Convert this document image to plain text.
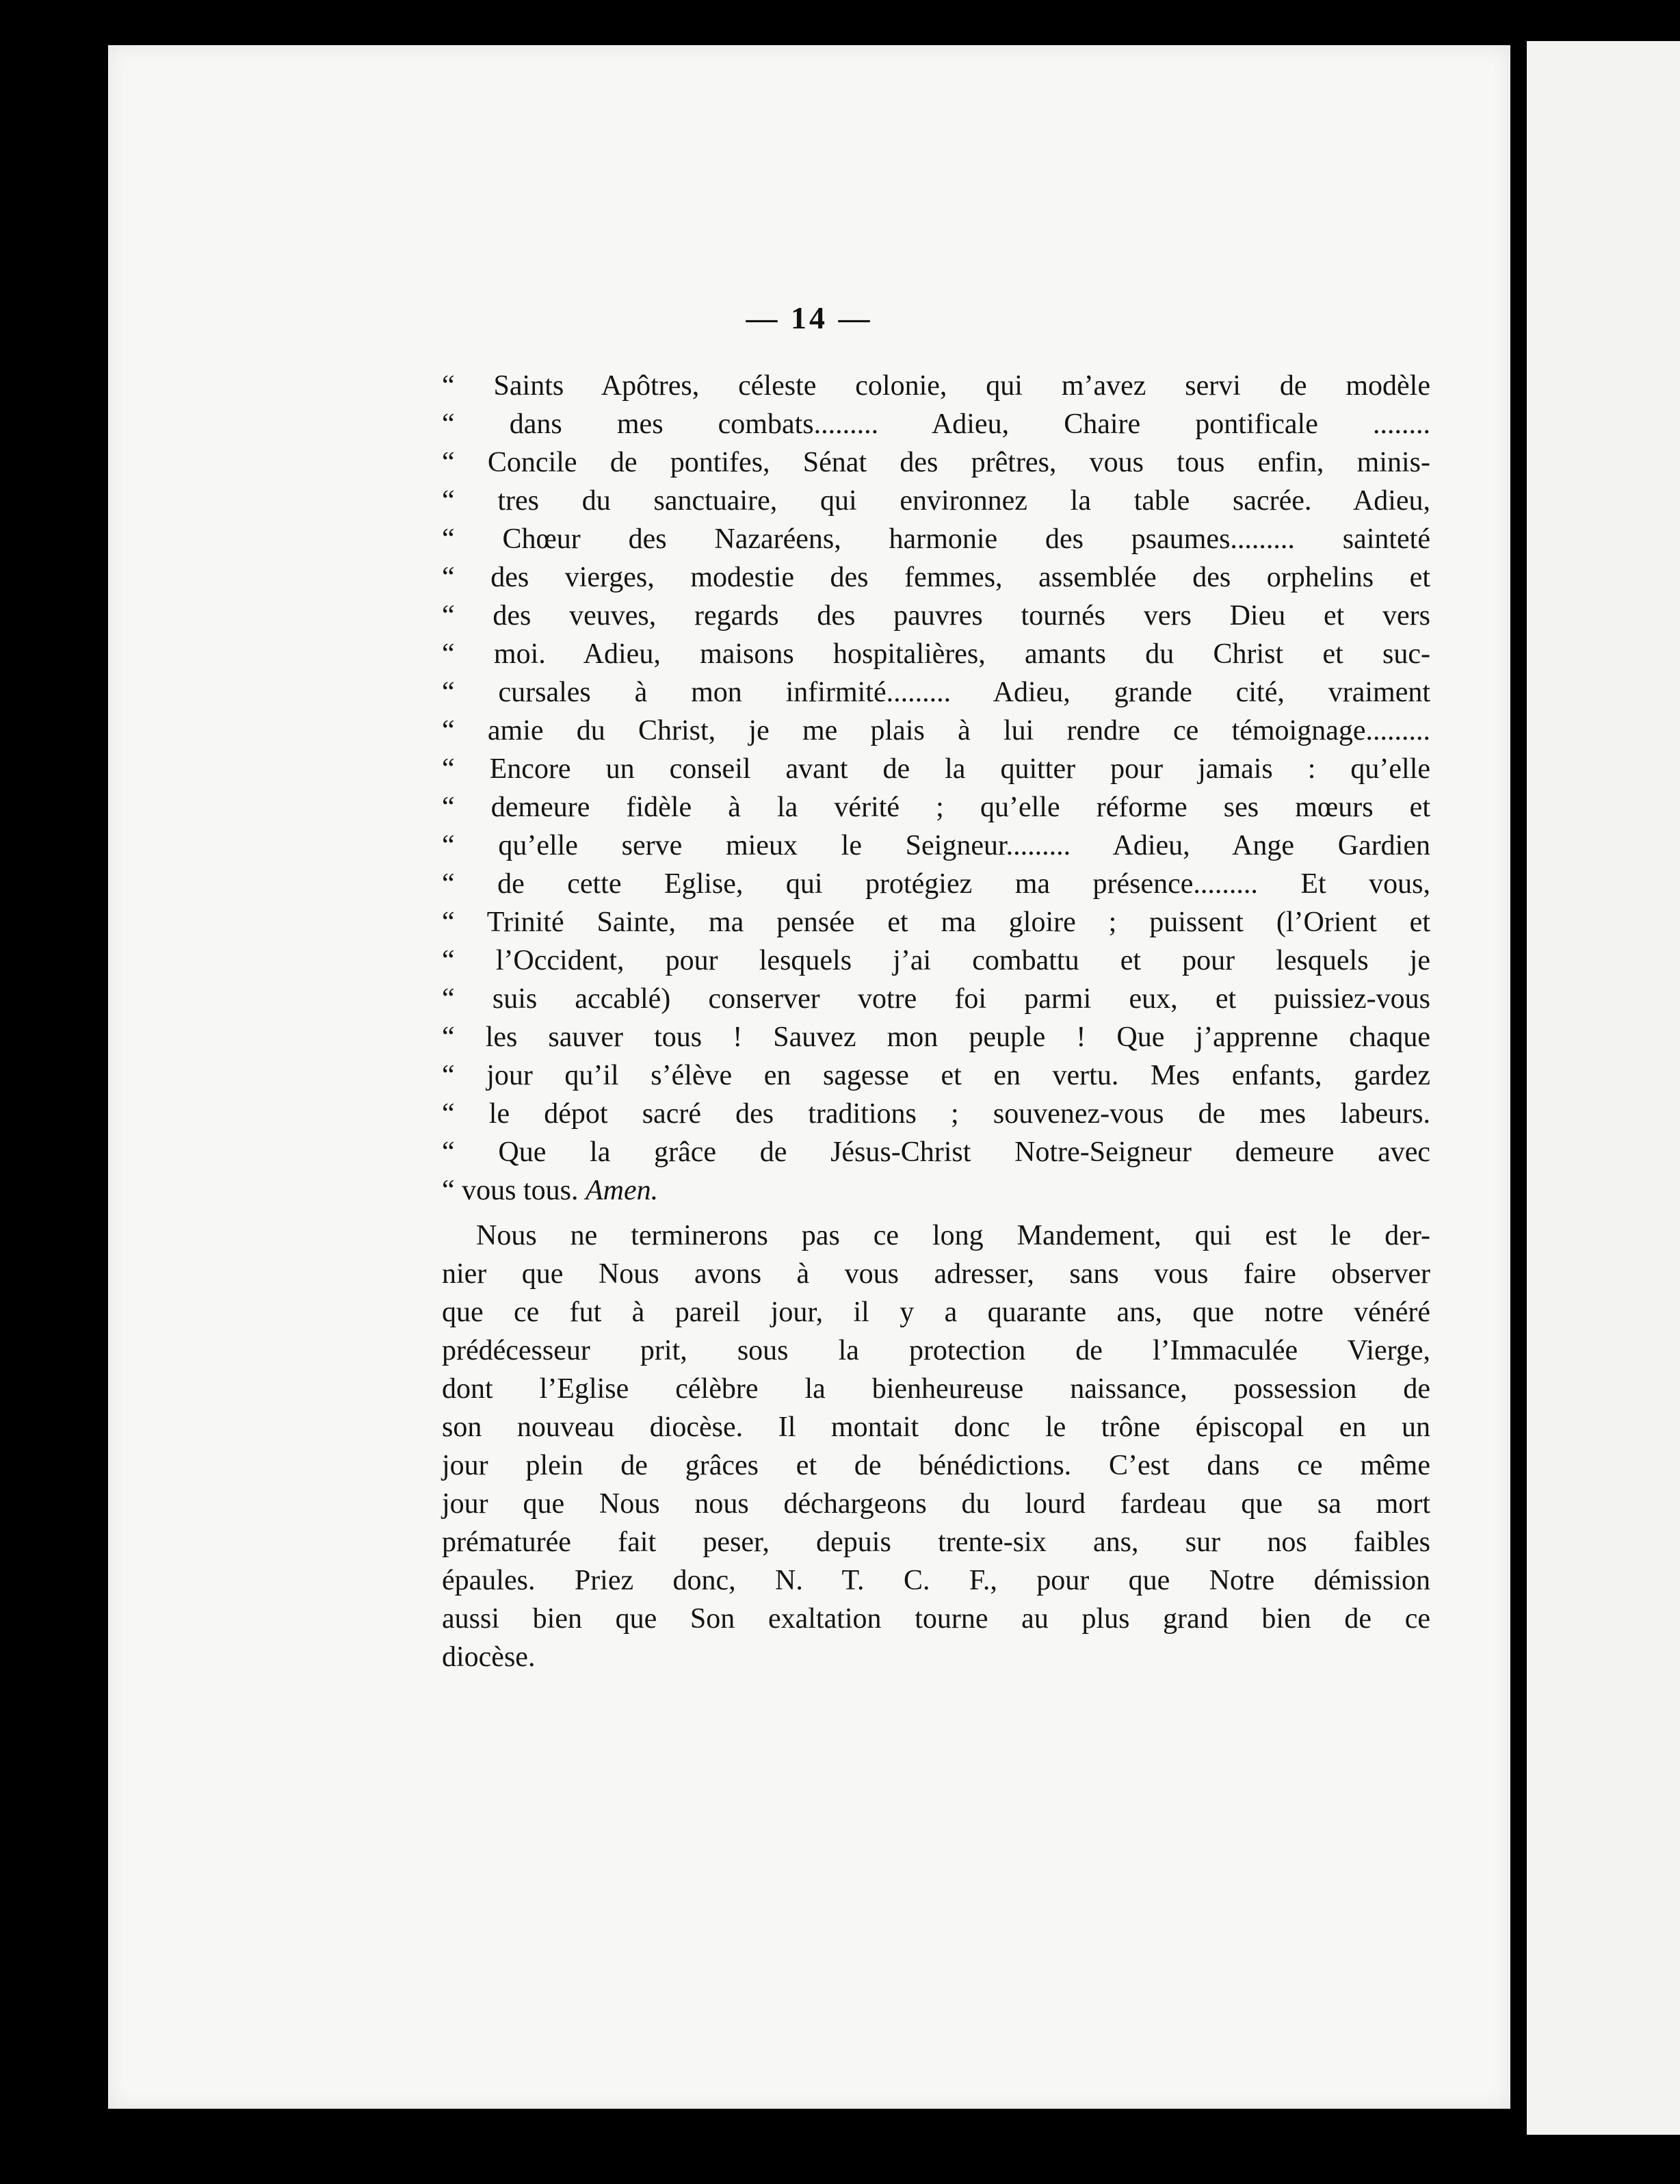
— 14 —
“ Saints Apôtres, céleste colonie, qui m’avez servi de modèle
“ dans mes combats......... Adieu, Chaire pontificale ........
“ Concile de pontifes, Sénat des prêtres, vous tous enfin, minis-
“ tres du sanctuaire, qui environnez la table sacrée. Adieu,
“ Chœur des Nazaréens, harmonie des psaumes......... sainteté
“ des vierges, modestie des femmes, assemblée des orphelins et
“ des veuves, regards des pauvres tournés vers Dieu et vers
“ moi. Adieu, maisons hospitalières, amants du Christ et suc-
“ cursales à mon infirmité......... Adieu, grande cité, vraiment
“ amie du Christ, je me plais à lui rendre ce témoignage.........
“ Encore un conseil avant de la quitter pour jamais : qu’elle
“ demeure fidèle à la vérité ; qu’elle réforme ses mœurs et
“ qu’elle serve mieux le Seigneur......... Adieu, Ange Gardien
“ de cette Eglise, qui protégiez ma présence......... Et vous,
“ Trinité Sainte, ma pensée et ma gloire ; puissent (l’Orient et
“ l’Occident, pour lesquels j’ai combattu et pour lesquels je
“ suis accablé) conserver votre foi parmi eux, et puissiez-vous
“ les sauver tous ! Sauvez mon peuple ! Que j’apprenne chaque
“ jour qu’il s’élève en sagesse et en vertu. Mes enfants, gardez
“ le dépot sacré des traditions ; souvenez-vous de mes labeurs.
“ Que la grâce de Jésus-Christ Notre-Seigneur demeure avec
“ vous tous. Amen.
Nous ne terminerons pas ce long Mandement, qui est le der-
nier que Nous avons à vous adresser, sans vous faire observer
que ce fut à pareil jour, il y a quarante ans, que notre vénéré
prédécesseur prit, sous la protection de l’Immaculée Vierge,
dont l’Eglise célèbre la bienheureuse naissance, possession de
son nouveau diocèse. Il montait donc le trône épiscopal en un
jour plein de grâces et de bénédictions. C’est dans ce même
jour que Nous nous déchargeons du lourd fardeau que sa mort
prématurée fait peser, depuis trente-six ans, sur nos faibles
épaules. Priez donc, N. T. C. F., pour que Notre démission
aussi bien que Son exaltation tourne au plus grand bien de ce
diocèse.
